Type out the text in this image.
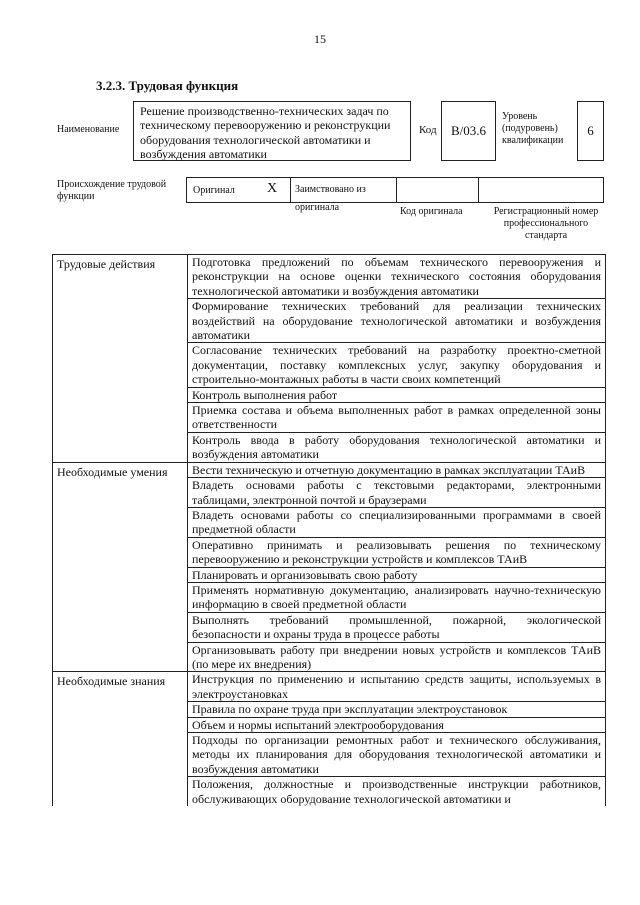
15
3.2.3. Трудовая функция
Наименование
Решение производственно-технических задач по техническому перевооружению и реконструкции оборудования технологической автоматики и возбуждения автоматики
Код B/03.6
Уровень (подуровень) квалификации
6
Происхождение трудовой функции
Оригинал X	Заимствовано из оригинала	Код оригинала	Регистрационный номер профессионального стандарта
Трудовые действия	Подготовка предложений по объемам технического перевооружения и реконструкции на основе оценки технического состояния оборудования технологической автоматики и возбуждения автоматики
	Формирование технических требований для реализации технических воздействий на оборудование технологической автоматики и возбуждения автоматики
	Согласование технических требований на разработку проектно-сметной документации, поставку комплексных услуг, закупку оборудования и строительно-монтажных работы в части своих компетенций
	Контроль выполнения работ
	Приемка состава и объема выполненных работ в рамках определенной зоны ответственности
	Контроль ввода в работу оборудования технологической автоматики и возбуждения автоматики
Необходимые умения	Вести техническую и отчетную документацию в рамках эксплуатации ТАиВ
	Владеть основами работы с текстовыми редакторами, электронными таблицами, электронной почтой и браузерами
	Владеть основами работы со специализированными программами в своей предметной области
	Оперативно принимать и реализовывать решения по техническому перевооружению и реконструкции устройств и комплексов ТАиВ
	Планировать и организовывать свою работу
	Применять нормативную документацию, анализировать научно-техническую информацию в своей предметной области
	Выполнять требований промышленной, пожарной, экологической безопасности и охраны труда в процессе работы
	Организовывать работу при внедрении новых устройств и комплексов ТАиВ (по мере их внедрения)
Необходимые знания	Инструкция по применению и испытанию средств защиты, используемых в электроустановках
	Правила по охране труда при эксплуатации электроустановок
	Объем и нормы испытаний электрооборудования
	Подходы по организации ремонтных работ и технического обслуживания, методы их планирования для оборудования технологической автоматики и возбуждения автоматики
	Положения, должностные и производственные инструкции работников, обслуживающих оборудование технологической автоматики и
